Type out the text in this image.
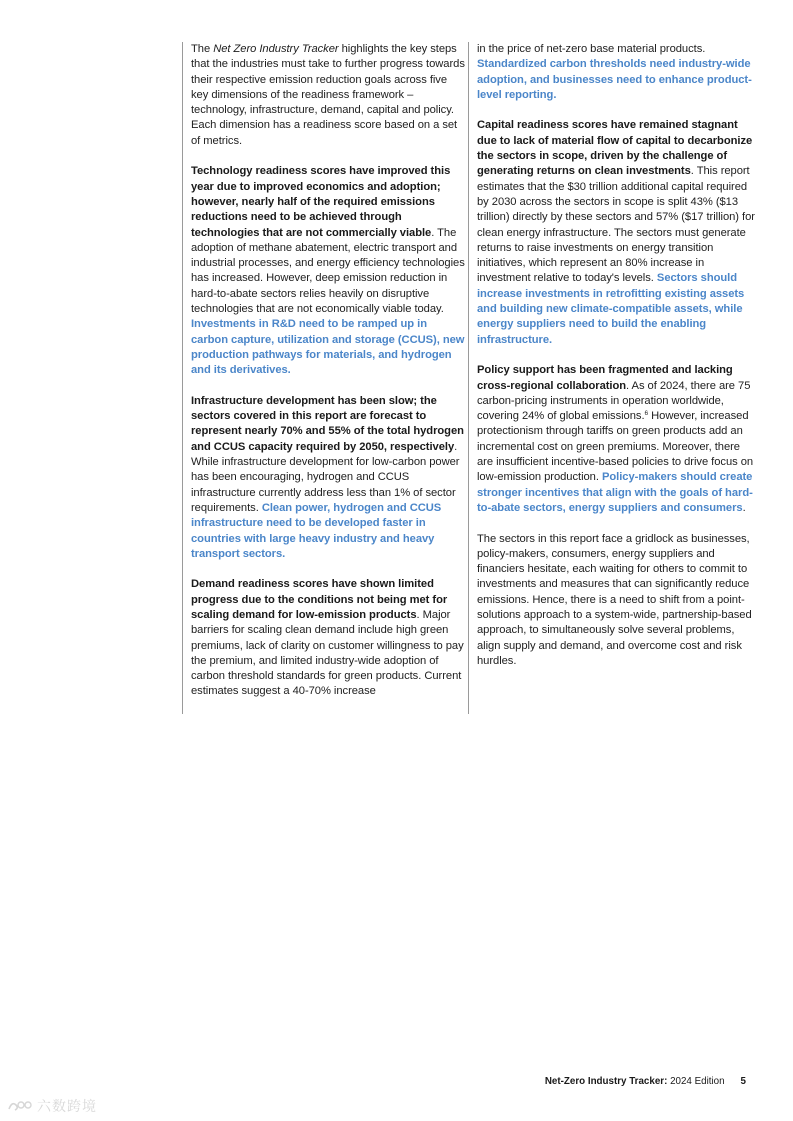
The Net Zero Industry Tracker highlights the key steps that the industries must take to further progress towards their respective emission reduction goals across five key dimensions of the readiness framework – technology, infrastructure, demand, capital and policy. Each dimension has a readiness score based on a set of metrics.

Technology readiness scores have improved this year due to improved economics and adoption; however, nearly half of the required emissions reductions need to be achieved through technologies that are not commercially viable. The adoption of methane abatement, electric transport and industrial processes, and energy efficiency technologies has increased. However, deep emission reduction in hard-to-abate sectors relies heavily on disruptive technologies that are not economically viable today. Investments in R&D need to be ramped up in carbon capture, utilization and storage (CCUS), new production pathways for materials, and hydrogen and its derivatives.

Infrastructure development has been slow; the sectors covered in this report are forecast to represent nearly 70% and 55% of the total hydrogen and CCUS capacity required by 2050, respectively. While infrastructure development for low-carbon power has been encouraging, hydrogen and CCUS infrastructure currently address less than 1% of sector requirements. Clean power, hydrogen and CCUS infrastructure need to be developed faster in countries with large heavy industry and heavy transport sectors.

Demand readiness scores have shown limited progress due to the conditions not being met for scaling demand for low-emission products. Major barriers for scaling clean demand include high green premiums, lack of clarity on customer willingness to pay the premium, and limited industry-wide adoption of carbon threshold standards for green products. Current estimates suggest a 40-70% increase

in the price of net-zero base material products. Standardized carbon thresholds need industry-wide adoption, and businesses need to enhance product-level reporting.

Capital readiness scores have remained stagnant due to lack of material flow of capital to decarbonize the sectors in scope, driven by the challenge of generating returns on clean investments. This report estimates that the $30 trillion additional capital required by 2030 across the sectors in scope is split 43% ($13 trillion) directly by these sectors and 57% ($17 trillion) for clean energy infrastructure. The sectors must generate returns to raise investments on energy transition initiatives, which represent an 80% increase in investment relative to today's levels. Sectors should increase investments in retrofitting existing assets and building new climate-compatible assets, while energy suppliers need to build the enabling infrastructure.

Policy support has been fragmented and lacking cross-regional collaboration. As of 2024, there are 75 carbon-pricing instruments in operation worldwide, covering 24% of global emissions.$^6$ However, increased protectionism through tariffs on green products add an incremental cost on green premiums. Moreover, there are insufficient incentive-based policies to drive focus on low-emission production. Policy-makers should create stronger incentives that align with the goals of hard-to-abate sectors, energy suppliers and consumers.

The sectors in this report face a gridlock as businesses, policy-makers, consumers, energy suppliers and financiers hesitate, each waiting for others to commit to investments and measures that can significantly reduce emissions. Hence, there is a need to shift from a point-solutions approach to a system-wide, partnership-based approach, to simultaneously solve several problems, align supply and demand, and overcome cost and risk hurdles.

Net-Zero Industry Tracker: 2024 Edition 5
六数跨境
